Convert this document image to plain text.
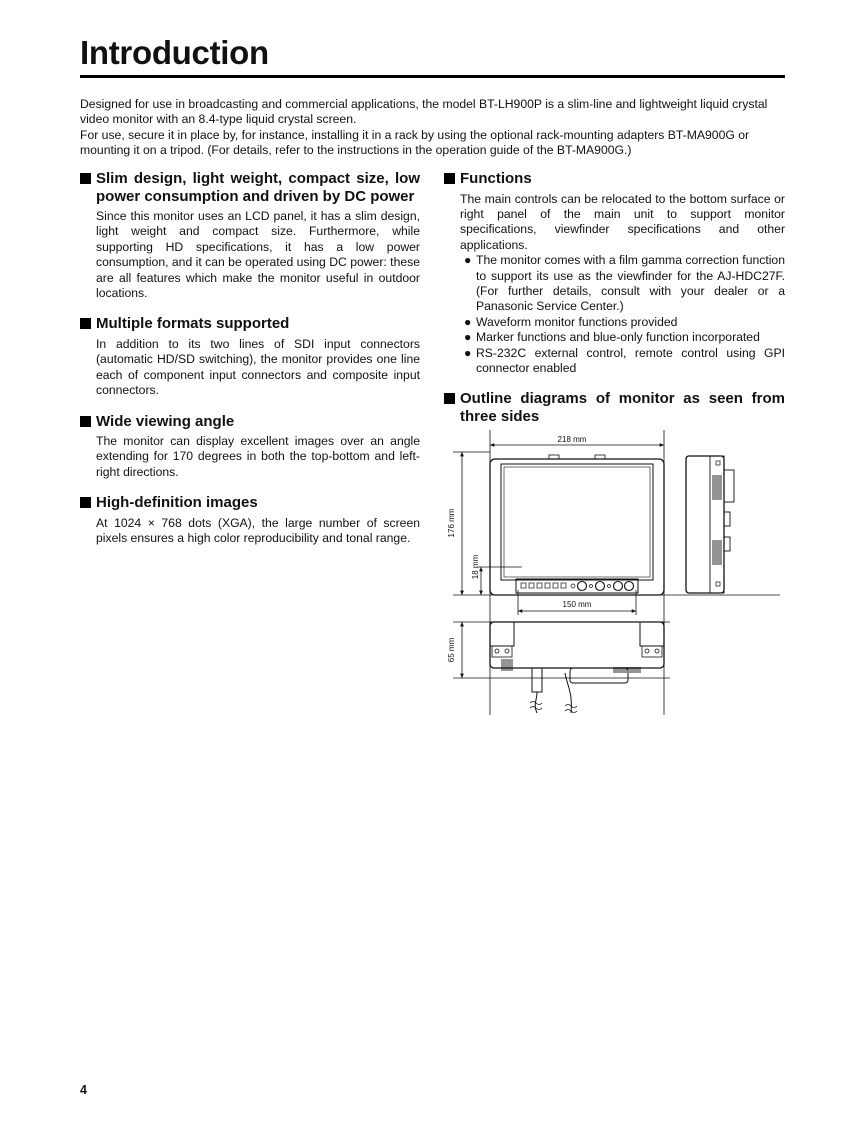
Introduction

Designed for use in broadcasting and commercial applications, the model BT-LH900P is a slim-line and lightweight liquid crystal video monitor with an 8.4-type liquid crystal screen.

For use, secure it in place by, for instance, installing it in a rack by using the optional rack-mounting adapters BT-MA900G or mounting it on a tripod. (For details, refer to the instructions in the operation guide of the BT-MA900G.)

Slim design, light weight, compact size, low power consumption and driven by DC power

Since this monitor uses an LCD panel, it has a slim design, light weight and compact size. Furthermore, while supporting HD specifications, it has a low power consumption, and it can be operated using DC power: these are all features which make the monitor useful in outdoor locations.

Multiple formats supported

In addition to its two lines of SDI input connectors (automatic HD/SD switching), the monitor provides one line each of component input connectors and composite input connectors.

Wide viewing angle

The monitor can display excellent images over an angle extending for 170 degrees in both the top-bottom and left-right directions.

High-definition images

At 1024 × 768 dots (XGA), the large number of screen pixels ensures a high color reproducibility and tonal range.

Functions

The main controls can be relocated to the bottom surface or right panel of the main unit to support monitor specifications, viewfinder specifications and other applications.

● The monitor comes with a film gamma correction function to support its use as the viewfinder for the AJ-HDC27F. (For further details, consult with your dealer or a Panasonic Service Center.)
● Waveform monitor functions provided
● Marker functions and blue-only function incorporated
● RS-232C external control, remote control using GPI connector enabled
Outline diagrams of monitor as seen from three sides
218 mm
176 mm
18 mm
150 mm
65 mm
4
